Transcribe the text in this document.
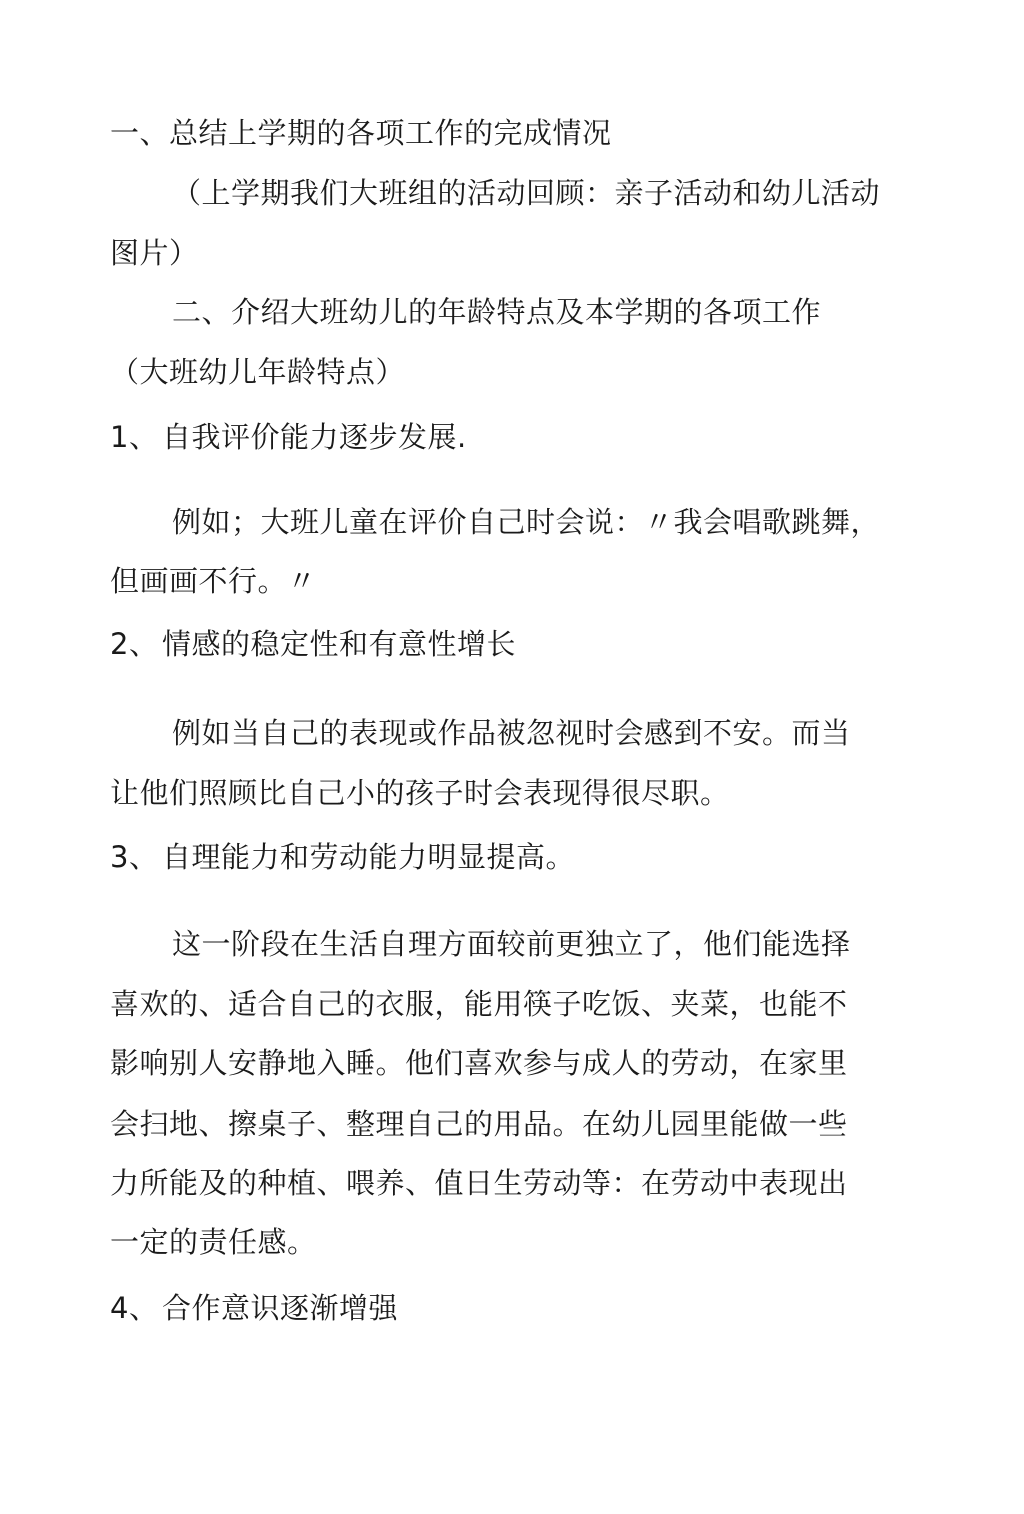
一、总结上学期的各项工作的完成情况
（上学期我们大班组的活动回顾：亲子活动和幼儿活动
图片）
二、介绍大班幼儿的年龄特点及本学期的各项工作
（大班幼儿年龄特点）
1、 自我评价能力逐步发展.
例如；大班儿童在评价自己时会说：〃我会唱歌跳舞，
但画画不行。〃
2、 情感的稳定性和有意性增长
例如当自己的表现或作品被忽视时会感到不安。而当
让他们照顾比自己小的孩子时会表现得很尽职。
3、 自理能力和劳动能力明显提高。
这一阶段在生活自理方面较前更独立了，他们能选择
喜欢的、适合自己的衣服，能用筷子吃饭、夹菜，也能不
影响别人安静地入睡。他们喜欢参与成人的劳动，在家里
会扫地、擦桌子、整理自己的用品。在幼儿园里能做一些
力所能及的种植、喂养、值日生劳动等：在劳动中表现出
一定的责任感。
4、 合作意识逐渐增强
